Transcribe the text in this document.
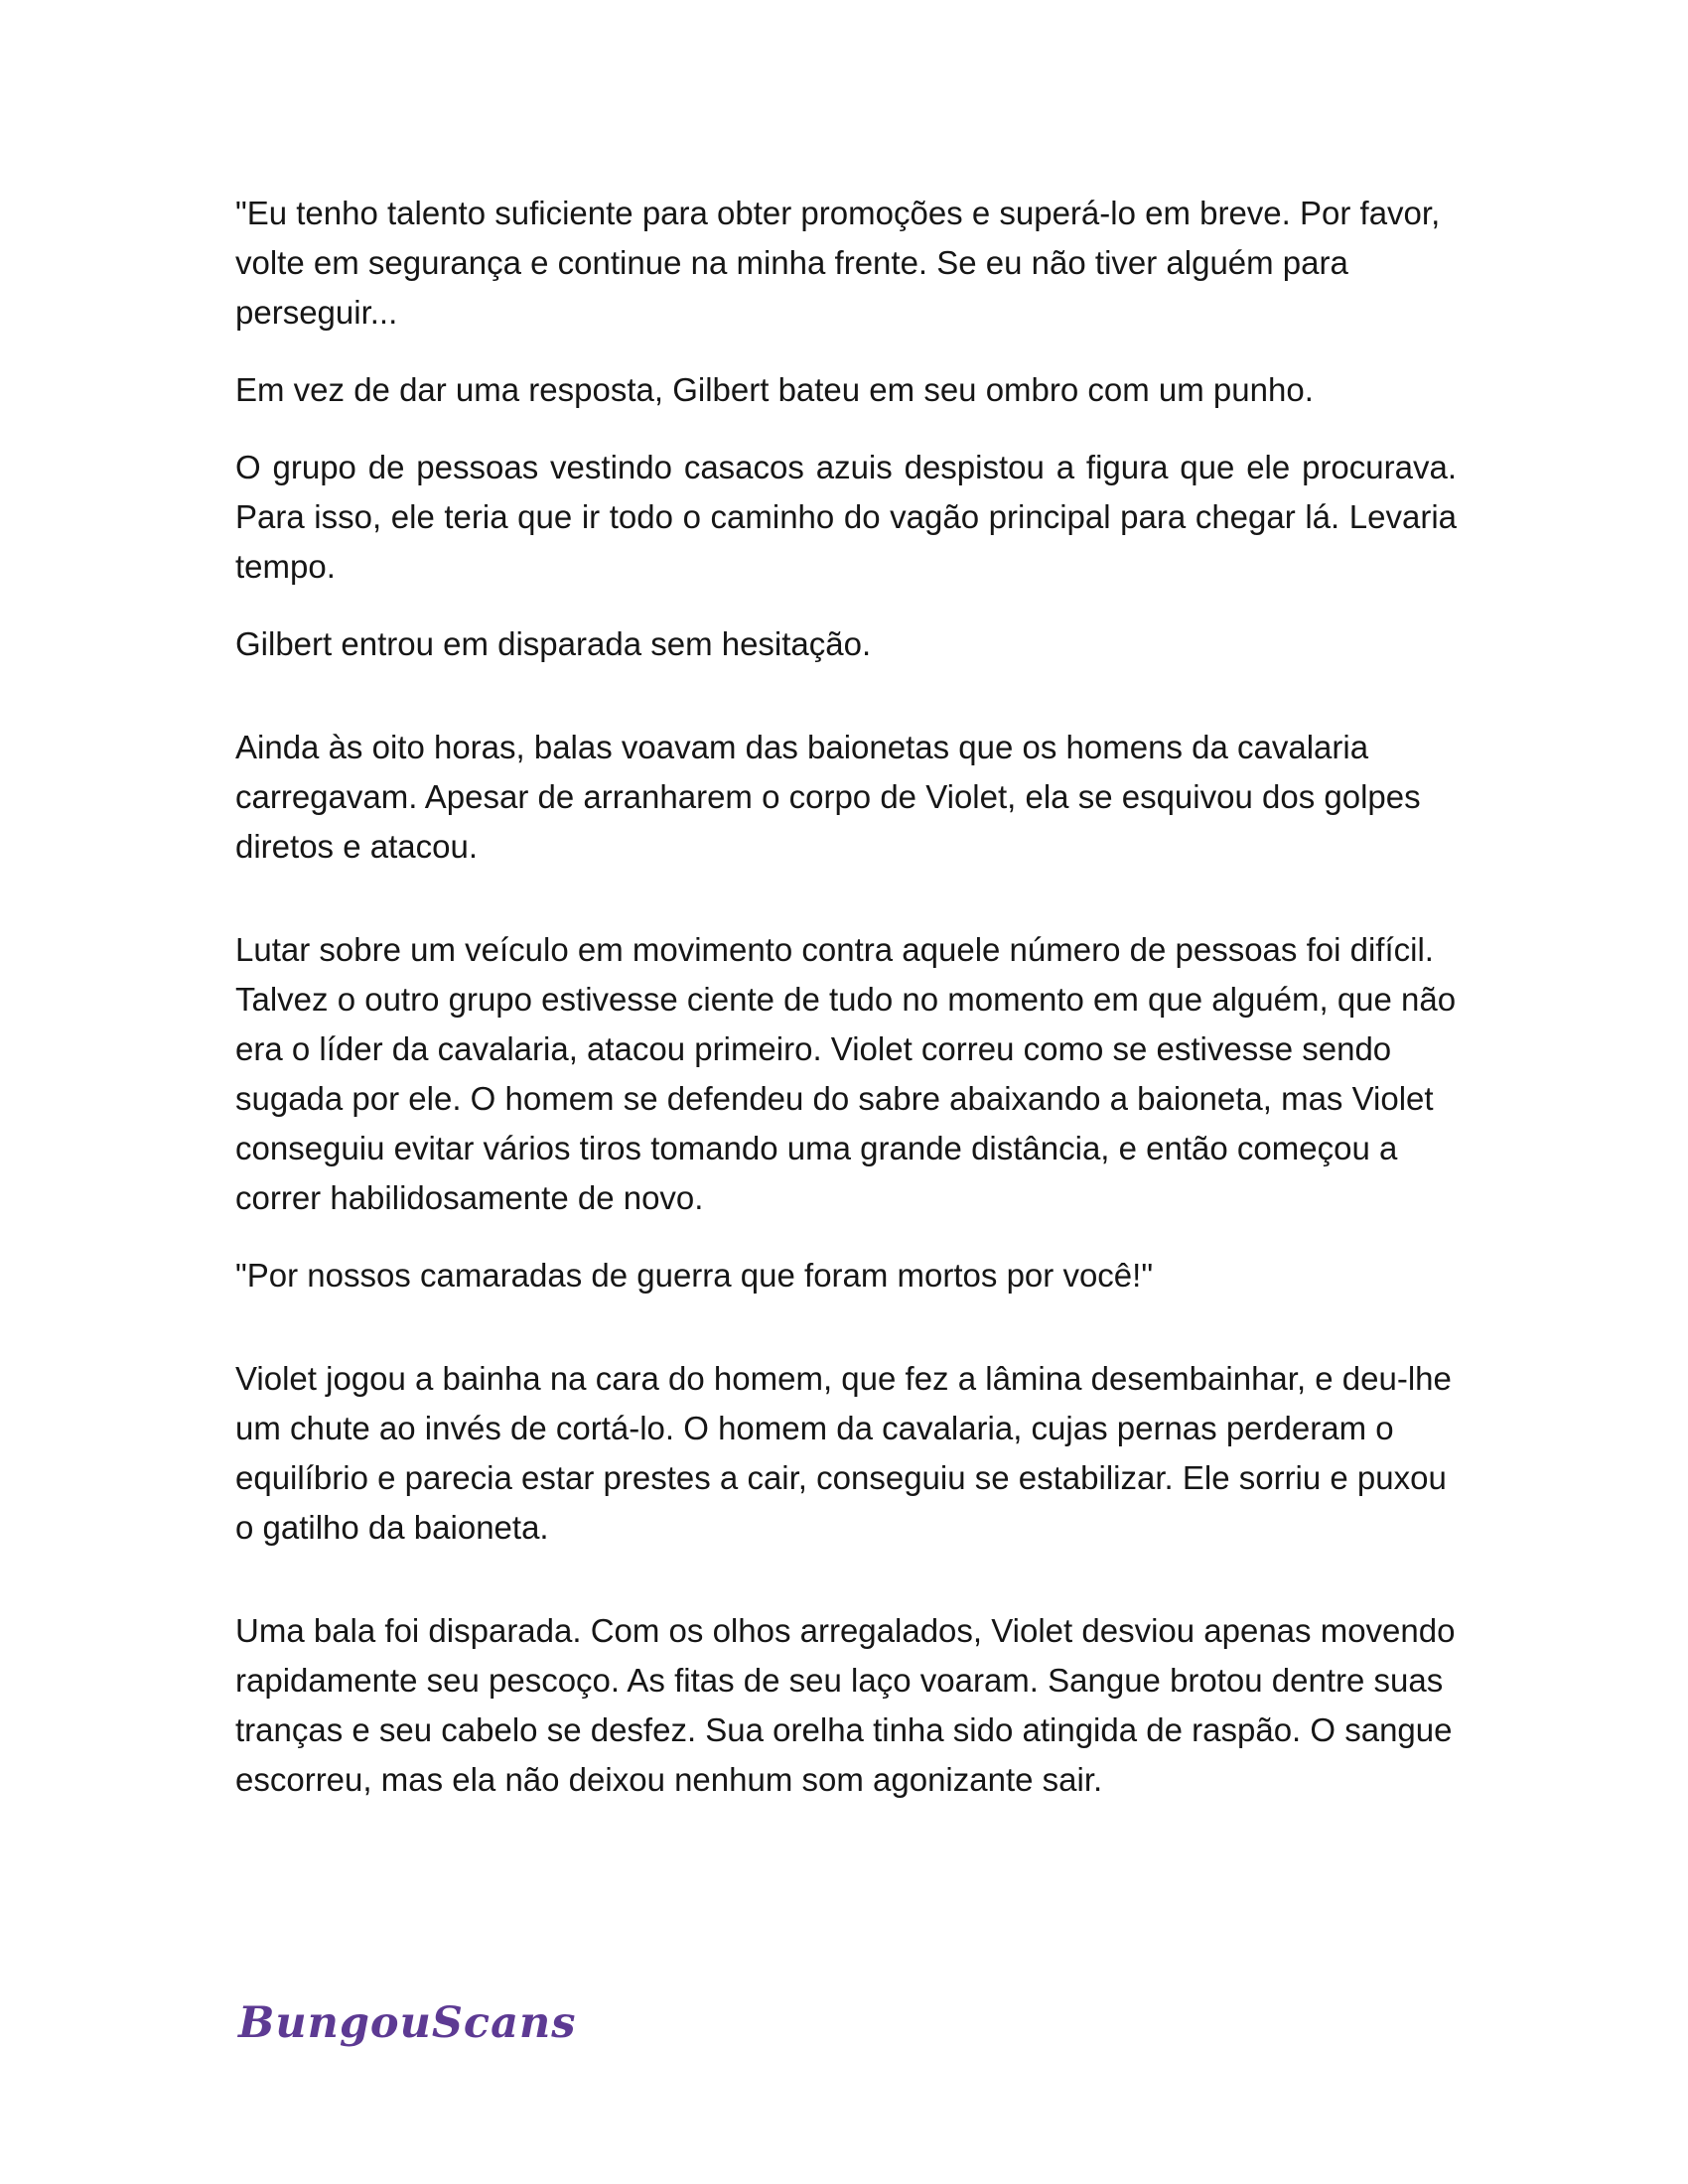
"Eu tenho talento suficiente para obter promoções e superá-lo em breve. Por favor, volte em segurança e continue na minha frente. Se eu não tiver alguém para perseguir...

Em vez de dar uma resposta, Gilbert bateu em seu ombro com um punho.

O grupo de pessoas vestindo casacos azuis despistou a figura que ele procurava. Para isso, ele teria que ir todo o caminho do vagão principal para chegar lá. Levaria tempo.

Gilbert entrou em disparada sem hesitação.

Ainda às oito horas, balas voavam das baionetas que os homens da cavalaria carregavam. Apesar de arranharem o corpo de Violet, ela se esquivou dos golpes diretos e atacou.

Lutar sobre um veículo em movimento contra aquele número de pessoas foi difícil. Talvez o outro grupo estivesse ciente de tudo no momento em que alguém, que não era o líder da cavalaria, atacou primeiro. Violet correu como se estivesse sendo sugada por ele. O homem se defendeu do sabre abaixando a baioneta, mas Violet conseguiu evitar vários tiros tomando uma grande distância, e então começou a correr habilidosamente de novo.

"Por nossos camaradas de guerra que foram mortos por você!"

Violet jogou a bainha na cara do homem, que fez a lâmina desembainhar, e deu-lhe um chute ao invés de cortá-lo. O homem da cavalaria, cujas pernas perderam o equilíbrio e parecia estar prestes a cair, conseguiu se estabilizar. Ele sorriu e puxou o gatilho da baioneta.

Uma bala foi disparada. Com os olhos arregalados, Violet desviou apenas movendo rapidamente seu pescoço. As fitas de seu laço voaram. Sangue brotou dentre suas tranças e seu cabelo se desfez. Sua orelha tinha sido atingida de raspão. O sangue escorreu, mas ela não deixou nenhum som agonizante sair.

BungouScans
